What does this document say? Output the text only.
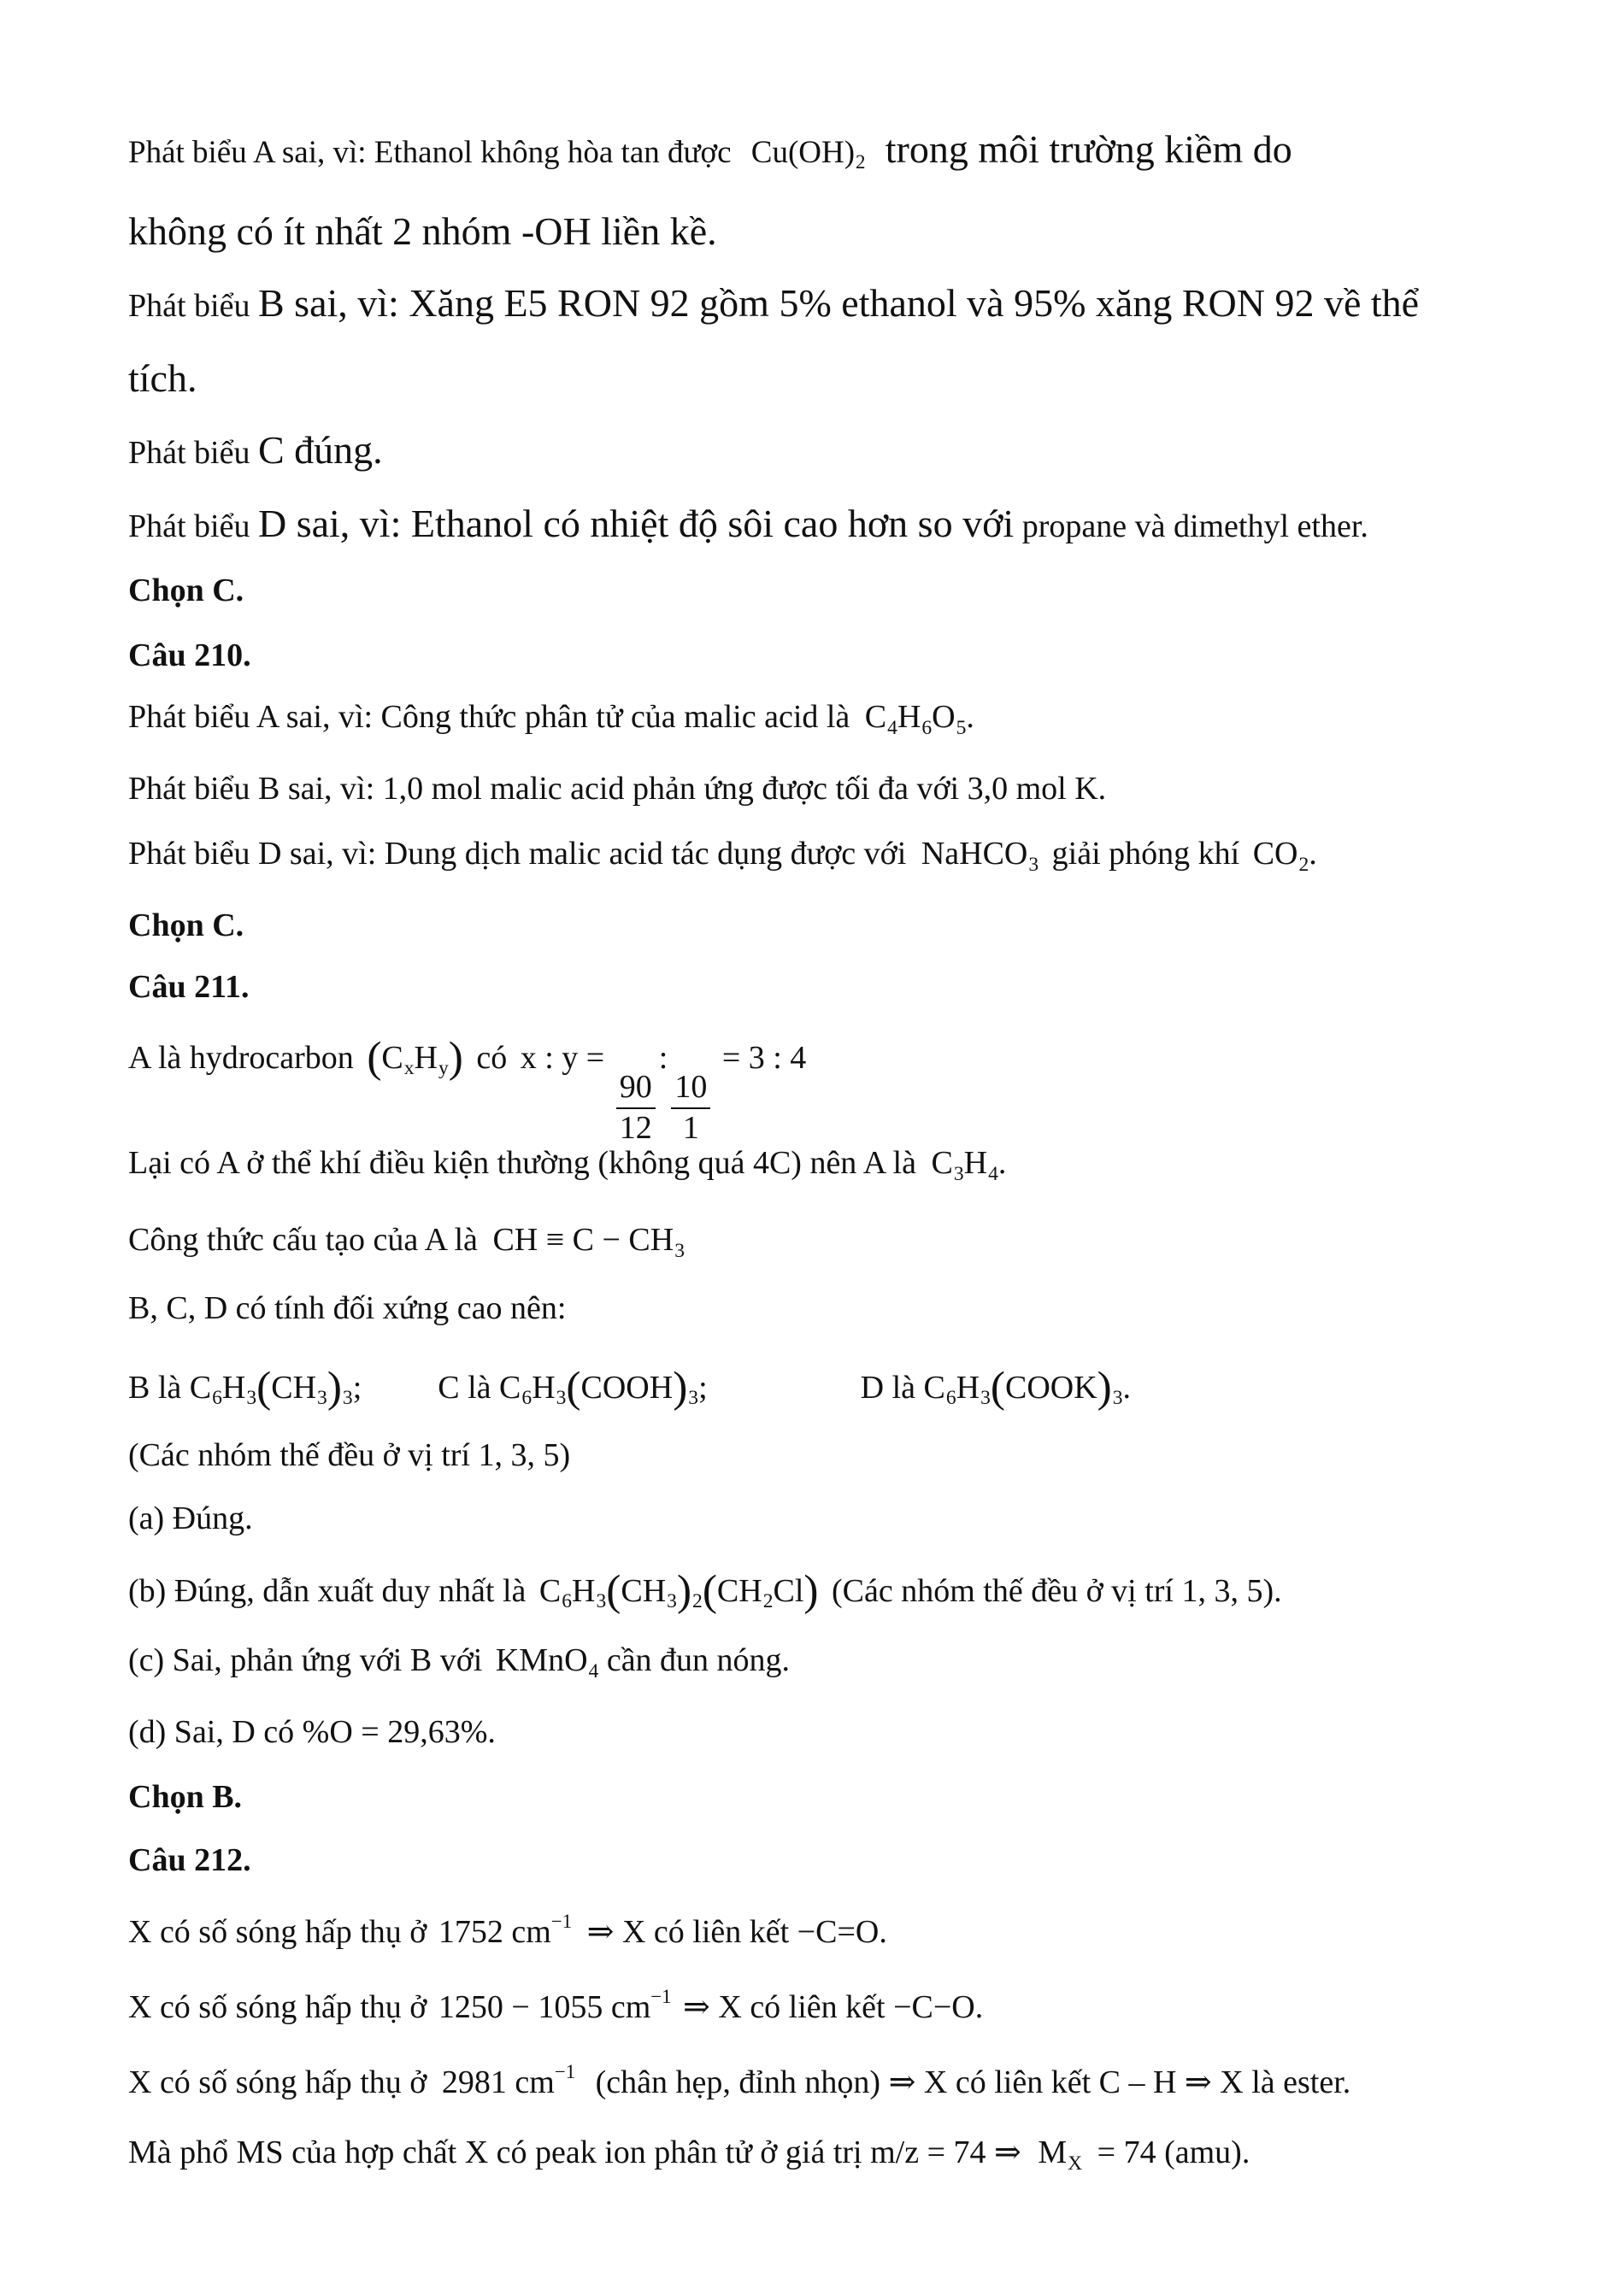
Phát biểu A sai, vì: Ethanol không hòa tan được $Cu(OH)_2$ trong môi trường kiềm do
không có ít nhất 2 nhóm -OH liền kề.
Phát biểu B sai, vì: Xăng E5 RON 92 gồm 5% ethanol và 95% xăng RON 92 về thể
tích.
Phát biểu C đúng.
Phát biểu D sai, vì: Ethanol có nhiệt độ sôi cao hơn so với propane và dimethyl ether.
Chọn C.
Câu 210.
Phát biểu A sai, vì: Công thức phân tử của malic acid là $C_4H_6O_5$.
Phát biểu B sai, vì: 1,0 mol malic acid phản ứng được tối đa với 3,0 mol K.
Phát biểu D sai, vì: Dung dịch malic acid tác dụng được với NaHCO$_3$ giải phóng khí $CO_2$.
Chọn C.
Câu 211.
A là hydrocarbon $(C_xH_y)$ có x : y =
$\frac{90}{12}$
:
$\frac{10}{1}$
= 3 : 4
Lại có A ở thể khí điều kiện thường (không quá 4C) nên A là $C_3H_4$.
Công thức cấu tạo của A là CH ≡ $C - CH_3$
B, C, D có tính đối xứng cao nên:
B là $C_6H_3(CH_3)_3$;  C là $C_6H_3(COOH)_3$;	D là $C_6H_3(COOK)_3$.
(Các nhóm thế đều ở vị trí 1, 3, 5)
(a) Đúng.
(b) Đúng, dẫn xuất duy nhất là $C_6H_3(CH_3)_2(CH_2Cl)$ (Các nhóm thế đều ở vị trí 1, 3, 5).
(c) Sai, phản ứng với B với KMnO$_4$ cần đun nóng.
(d) Sai, D có %O = 29,63%.
Chọn B.
Câu 212.
X có số sóng hấp thụ ở 1752 $cm^{-1}$ ⇒ X có liên kết −C=O.
X có số sóng hấp thụ ở 1250 − 1055 $cm^{-1}$ ⇒ X có liên kết −C−O.
X có số sóng hấp thụ ở 2981 $cm^{-1}$ (chân hẹp, đỉnh nhọn) ⇒ X có liên kết C – H ⇒ X là ester.
Mà phổ MS của hợp chất X có peak ion phân tử ở giá trị m/z = 74 ⇒ $M_X = 74$ (amu).
